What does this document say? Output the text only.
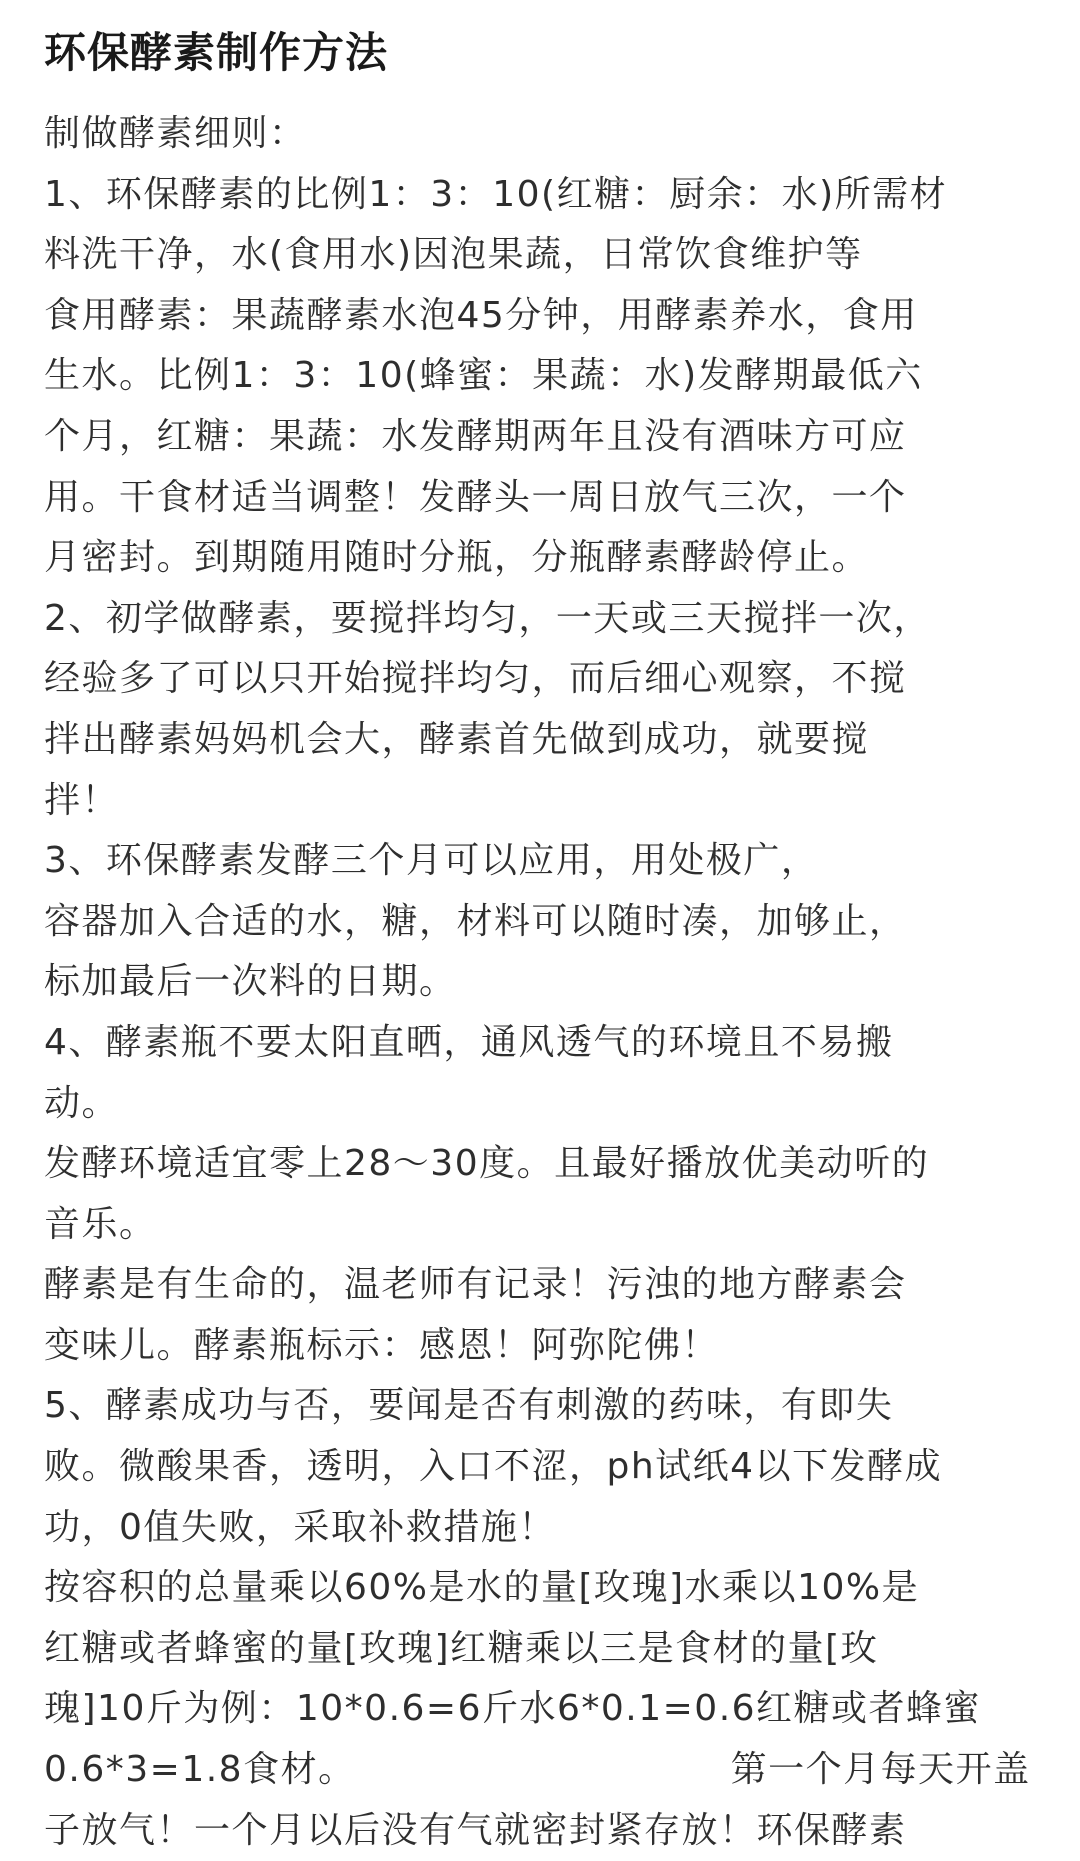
环保酵素制作方法
制做酵素细则：
1、环保酵素的比例1：3：10(红糖：厨余：水)所需材
料洗干净，水(食用水)因泡果蔬，日常饮食维护等
食用酵素：果蔬酵素水泡45分钟，用酵素养水，食用
生水。比例1：3：10(蜂蜜：果蔬：水)发酵期最低六
个月，红糖：果蔬：水发酵期两年且没有酒味方可应
用。干食材适当调整！发酵头一周日放气三次，一个
月密封。到期随用随时分瓶，分瓶酵素酵龄停止。
2、初学做酵素，要搅拌均匀，一天或三天搅拌一次，
经验多了可以只开始搅拌均匀，而后细心观察，不搅
拌出酵素妈妈机会大，酵素首先做到成功，就要搅
拌！
3、环保酵素发酵三个月可以应用，用处极广，
容器加入合适的水，糖，材料可以随时凑，加够止，
标加最后一次料的日期。
4、酵素瓶不要太阳直晒，通风透气的环境且不易搬
动。
发酵环境适宜零上28～30度。且最好播放优美动听的
音乐。
酵素是有生命的，温老师有记录！污浊的地方酵素会
变味儿。酵素瓶标示：感恩！阿弥陀佛！
5、酵素成功与否，要闻是否有刺激的药味，有即失
败。微酸果香，透明，入口不涩，ph试纸4以下发酵成
功，0值失败，采取补救措施！
按容积的总量乘以60%是水的量[玫瑰]水乘以10%是
红糖或者蜂蜜的量[玫瑰]红糖乘以三是食材的量[玫
瑰]10斤为例：10*0.6=6斤水6*0.1=0.6红糖或者蜂蜜
0.6*3=1.8食材。	第一个月每天开盖
子放气！一个月以后没有气就密封紧存放！环保酵素
